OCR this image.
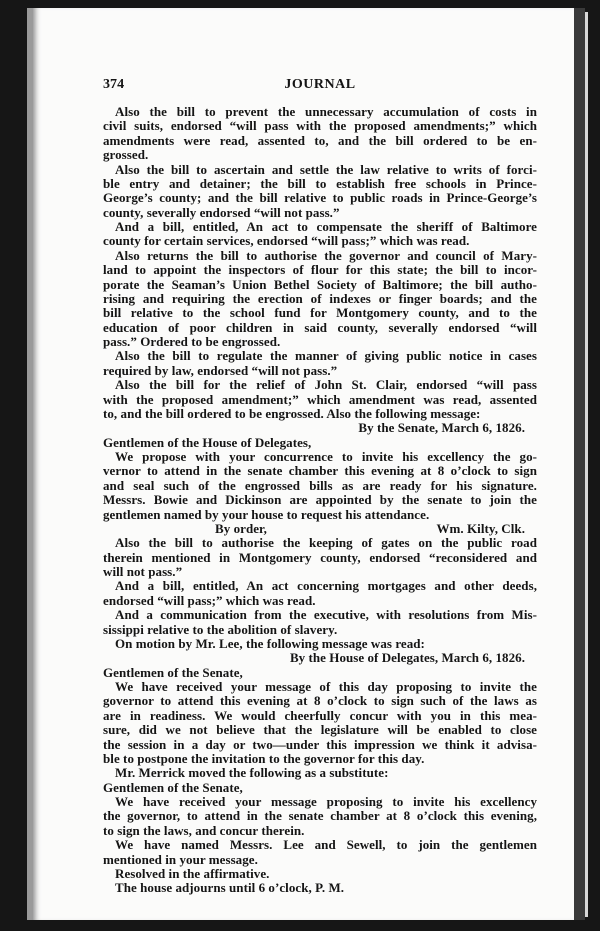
374	JOURNAL
Also the bill to prevent the unnecessary accumulation of costs in
civil suits, endorsed “will pass with the proposed amendments;” which
amendments were read, assented to, and the bill ordered to be en-
grossed.
Also the bill to ascertain and settle the law relative to writs of forci-
ble entry and detainer; the bill to establish free schools in Prince-
George’s county; and the bill relative to public roads in Prince-George’s
county, severally endorsed “will not pass.”
And a bill, entitled, An act to compensate the sheriff of Baltimore
county for certain services, endorsed “will pass;” which was read.
Also returns the bill to authorise the governor and council of Mary-
land to appoint the inspectors of flour for this state; the bill to incor-
porate the Seaman’s Union Bethel Society of Baltimore; the bill autho-
rising and requiring the erection of indexes or finger boards; and the
bill relative to the school fund for Montgomery county, and to the
education of poor children in said county, severally endorsed “will
pass.” Ordered to be engrossed.
Also the bill to regulate the manner of giving public notice in cases
required by law, endorsed “will not pass.”
Also the bill for the relief of John St. Clair, endorsed “will pass
with the proposed amendment;” which amendment was read, assented
to, and the bill ordered to be engrossed. Also the following message:
By the Senate, March 6, 1826.
Gentlemen of the House of Delegates,
We propose with your concurrence to invite his excellency the go-
vernor to attend in the senate chamber this evening at 8 o’clock to sign
and seal such of the engrossed bills as are ready for his signature.
Messrs. Bowie and Dickinson are appointed by the senate to join the
gentlemen named by your house to request his attendance.
By order,	Wm. Kilty, Clk.
Also the bill to authorise the keeping of gates on the public road
therein mentioned in Montgomery county, endorsed “reconsidered and
will not pass.”
And a bill, entitled, An act concerning mortgages and other deeds,
endorsed “will pass;” which was read.
And a communication from the executive, with resolutions from Mis-
sissippi relative to the abolition of slavery.
On motion by Mr. Lee, the following message was read:
By the House of Delegates, March 6, 1826.
Gentlemen of the Senate,
We have received your message of this day proposing to invite the
governor to attend this evening at 8 o’clock to sign such of the laws as
are in readiness. We would cheerfully concur with you in this mea-
sure, did we not believe that the legislature will be enabled to close
the session in a day or two—under this impression we think it advisa-
ble to postpone the invitation to the governor for this day.
Mr. Merrick moved the following as a substitute:
Gentlemen of the Senate,
We have received your message proposing to invite his excellency
the governor, to attend in the senate chamber at 8 o’clock this evening,
to sign the laws, and concur therein.
We have named Messrs. Lee and Sewell, to join the gentlemen
mentioned in your message.
Resolved in the affirmative.
The house adjourns until 6 o’clock, P. M.
